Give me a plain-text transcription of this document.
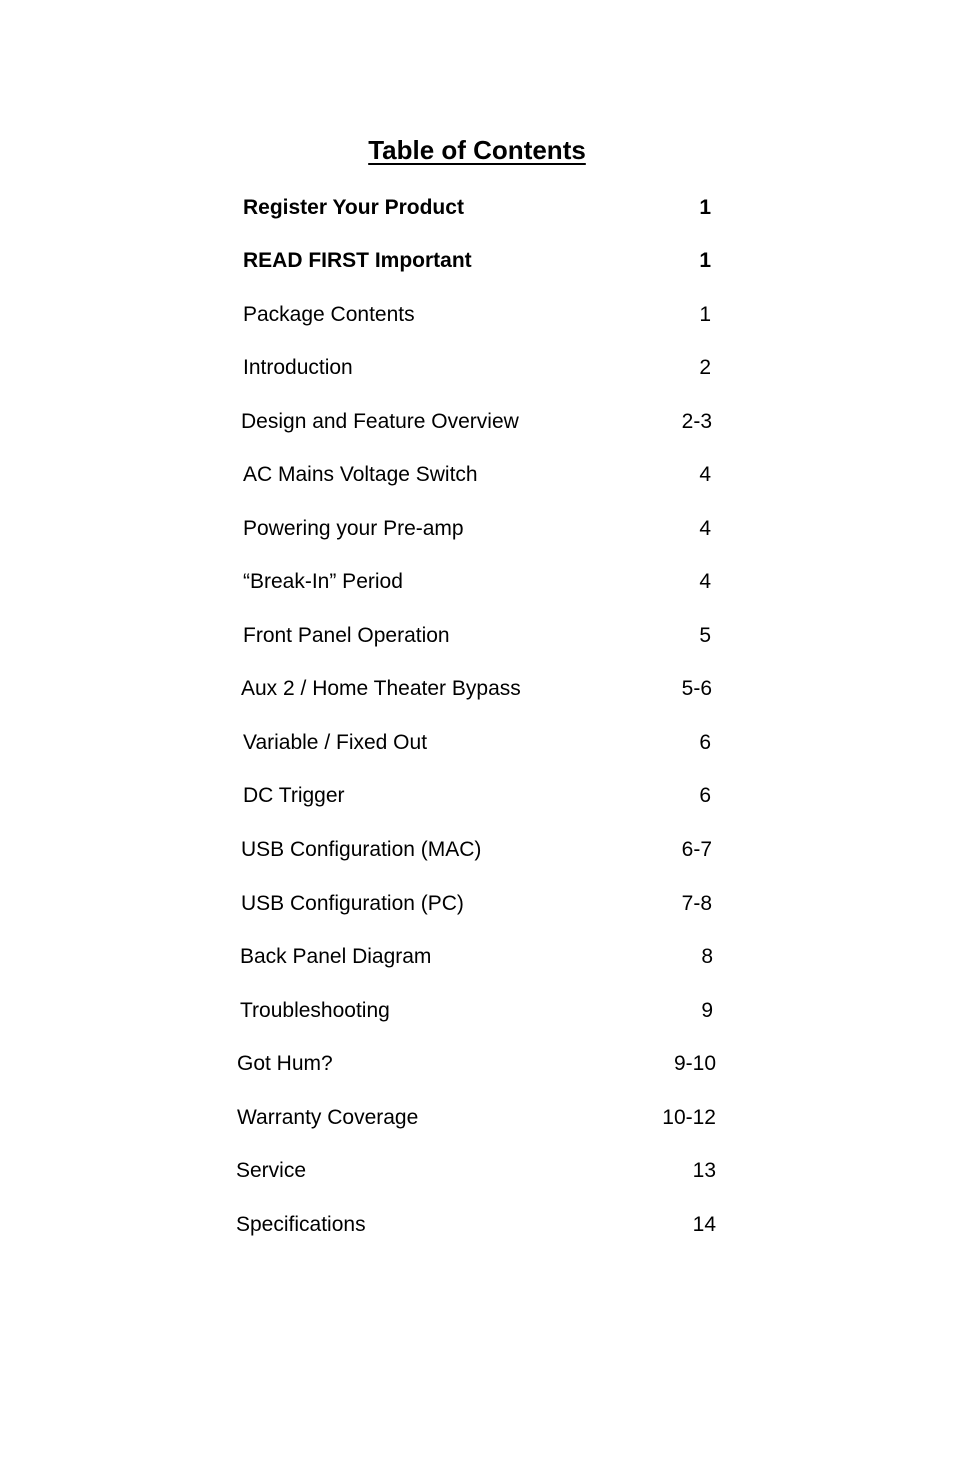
Table of Contents
Register Your Product	1
READ FIRST Important	1
Package Contents	1
Introduction	2
Design and Feature Overview	2-3
AC Mains Voltage Switch	4
Powering your Pre-amp	4
“Break-In” Period	4
Front Panel Operation	5
Aux 2 / Home Theater Bypass	5-6
Variable / Fixed Out	6
DC Trigger	6
USB Configuration (MAC)	6-7
USB Configuration (PC)	7-8
Back Panel Diagram	8
Troubleshooting	9
Got Hum?	9-10
Warranty Coverage	10-12
Service	13
Specifications	14
